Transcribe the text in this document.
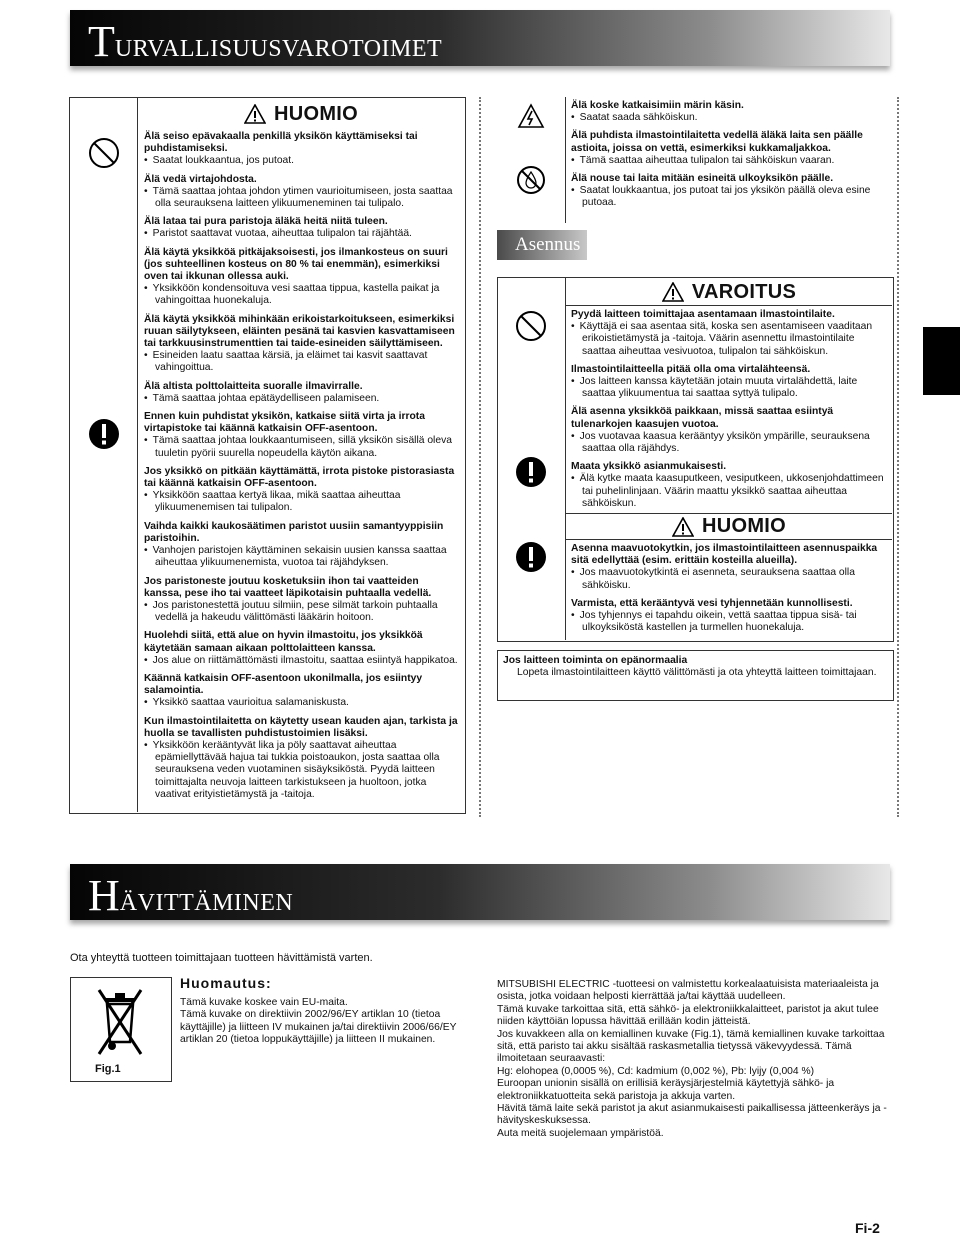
TURVALLISUUSVAROTOIMET
HUOMIO

Älä seiso epävakaalla penkillä yksikön käyttämiseksi tai puhdistamiseksi.
• Saatat loukkaantua, jos putoat.

Älä vedä virtajohdosta.
• Tämä saattaa johtaa johdon ytimen vaurioitumiseen, josta saattaa olla seurauksena laitteen ylikuumeneminen tai tulipalo.

Älä lataa tai pura paristoja äläkä heitä niitä tuleen.
• Paristot saattavat vuotaa, aiheuttaa tulipalon tai räjähtää.

Älä käytä yksikköä pitkäjaksoisesti, jos ilmankosteus on suuri (jos suhteellinen kosteus on 80 % tai enemmän), esimerkiksi oven tai ikkunan ollessa auki.
• Yksikköön kondensoituva vesi saattaa tippua, kastella paikat ja vahingoittaa huonekaluja.

Älä käytä yksikköä mihinkään erikoistarkoitukseen, esimerkiksi ruuan säilytykseen, eläinten pesänä tai kasvien kasvattamiseen tai tarkkuusinstrumenttien tai taide-esineiden säilyttämiseen.
• Esineiden laatu saattaa kärsiä, ja eläimet tai kasvit saattavat vahingoittua.

Älä altista polttolaitteita suoralle ilmavirralle.
• Tämä saattaa johtaa epätäydelliseen palamiseen.

Ennen kuin puhdistat yksikön, katkaise siitä virta ja irrota virtapistoke tai käännä katkaisin OFF-asentoon.
• Tämä saattaa johtaa loukkaantumiseen, sillä yksikön sisällä oleva tuuletin pyörii suurella nopeudella käytön aikana.

Jos yksikkö on pitkään käyttämättä, irrota pistoke pistorasiasta tai käännä katkaisin OFF-asentoon.
• Yksikköön saattaa kertyä likaa, mikä saattaa aiheuttaa ylikuumenemisen tai tulipalon.

Vaihda kaikki kaukosäätimen paristot uusiin samantyyppisiin paristoihin.
• Vanhojen paristojen käyttäminen sekaisin uusien kanssa saattaa aiheuttaa ylikuumenemista, vuotoa tai räjähdyksen.

Jos paristoneste joutuu kosketuksiin ihon tai vaatteiden kanssa, pese iho tai vaatteet läpikotaisin puhtaalla vedellä.
• Jos paristonestettä joutuu silmiin, pese silmät tarkoin puhtaalla vedellä ja hakeudu välittömästi lääkärin hoitoon.

Huolehdi siitä, että alue on hyvin ilmastoitu, jos yksikköä käytetään samaan aikaan polttolaitteen kanssa.
• Jos alue on riittämättömästi ilmastoitu, saattaa esiintyä happikatoa.

Käännä katkaisin OFF-asentoon ukonilmalla, jos esiintyy salamointia.
• Yksikkö saattaa vaurioitua salamaniskusta.

Kun ilmastointilaitetta on käytetty usean kauden ajan, tarkista ja huolla se tavallisten puhdistustoimien lisäksi.
• Yksikköön kerääntyvät lika ja pöly saattavat aiheuttaa epämiellyttävää hajua tai tukkia poistoaukon, josta saattaa olla seurauksena veden vuotaminen sisäyksiköstä. Pyydä laitteen toimittajalta neuvoja laitteen tarkistukseen ja huoltoon, jotka vaativat erityistietämystä ja -taitoja.

Älä koske katkaisimiin märin käsin.
• Saatat saada sähköiskun.

Älä puhdista ilmastointilaitetta vedellä äläkä laita sen päälle astioita, joissa on vettä, esimerkiksi kukkamaljakkoa.
• Tämä saattaa aiheuttaa tulipalon tai sähköiskun vaaran.

Älä nouse tai laita mitään esineitä ulkoyksikön päälle.
• Saatat loukkaantua, jos putoat tai jos yksikön päällä oleva esine putoaa.

Asennus
VAROITUS

Pyydä laitteen toimittajaa asentamaan ilmastointilaite.
• Käyttäjä ei saa asentaa sitä, koska sen asentamiseen vaaditaan erikoistietämystä ja -taitoja. Väärin asennettu ilmastointilaite saattaa aiheuttaa vesivuotoa, tulipalon tai sähköiskun.

Ilmastointilaitteella pitää olla oma virtalähteensä.
• Jos laitteen kanssa käytetään jotain muuta virtalähdettä, laite saattaa ylikuumentua tai saattaa syttyä tulipalo.

Älä asenna yksikköä paikkaan, missä saattaa esiintyä tulenarkojen kaasujen vuotoa.
• Jos vuotavaa kaasua kerääntyy yksikön ympärille, seurauksena saattaa olla räjähdys.

Maata yksikkö asianmukaisesti.
• Älä kytke maata kaasuputkeen, vesiputkeen, ukkosenjohdattimeen tai puhelinlinjaan. Väärin maattu yksikkö saattaa aiheuttaa sähköiskun.

HUOMIO

Asenna maavuotokytkin, jos ilmastointilaitteen asennuspaikka sitä edellyttää (esim. erittäin kosteilla alueilla).
• Jos maavuotokytkintä ei asenneta, seurauksena saattaa olla sähköisku.

Varmista, että kerääntyvä vesi tyhjennetään kunnollisesti.
• Jos tyhjennys ei tapahdu oikein, vettä saattaa tippua sisä- tai ulkoyksiköstä kastellen ja turmellen huonekaluja.

Jos laitteen toiminta on epänormaalia
Lopeta ilmastointilaitteen käyttö välittömästi ja ota yhteyttä laitteen toimittajaan.
HÄVITTÄMINEN
Ota yhteyttä tuotteen toimittajaan tuotteen hävittämistä varten.
Fig.1
Huomautus:

Tämä kuvake koskee vain EU-maita.

Tämä kuvake on direktiivin 2002/96/EY artiklan 10 (tietoa käyttäjille) ja liitteen IV mukainen ja/tai direktiivin 2006/66/EY artiklan 20 (tietoa loppukäyttäjille) ja liitteen II mukainen.

MITSUBISHI ELECTRIC -tuotteesi on valmistettu korkealaatuisista materiaaleista ja osista, jotka voidaan helposti kierrättää ja/tai käyttää uudelleen.

Tämä kuvake tarkoittaa sitä, että sähkö- ja elektroniikkalaitteet, paristot ja akut tulee niiden käyttöiän lopussa hävittää erillään kodin jätteistä.

Jos kuvakkeen alla on kemiallinen kuvake (Fig.1), tämä kemiallinen kuvake tarkoittaa sitä, että paristo tai akku sisältää raskasmetallia tietyssä väkevyydessä. Tämä ilmoitetaan seuraavasti:

Hg: elohopea (0,0005 %), Cd: kadmium (0,002 %), Pb: lyijy (0,004 %)

Euroopan unionin sisällä on erillisiä keräysjärjestelmiä käytettyjä sähkö- ja elektroniikkatuotteita sekä paristoja ja akkuja varten.

Hävitä tämä laite sekä paristot ja akut asianmukaisesti paikallisessa jätteenkeräys ja -hävityskeskuksessa.

Auta meitä suojelemaan ympäristöä.

Fi-2
